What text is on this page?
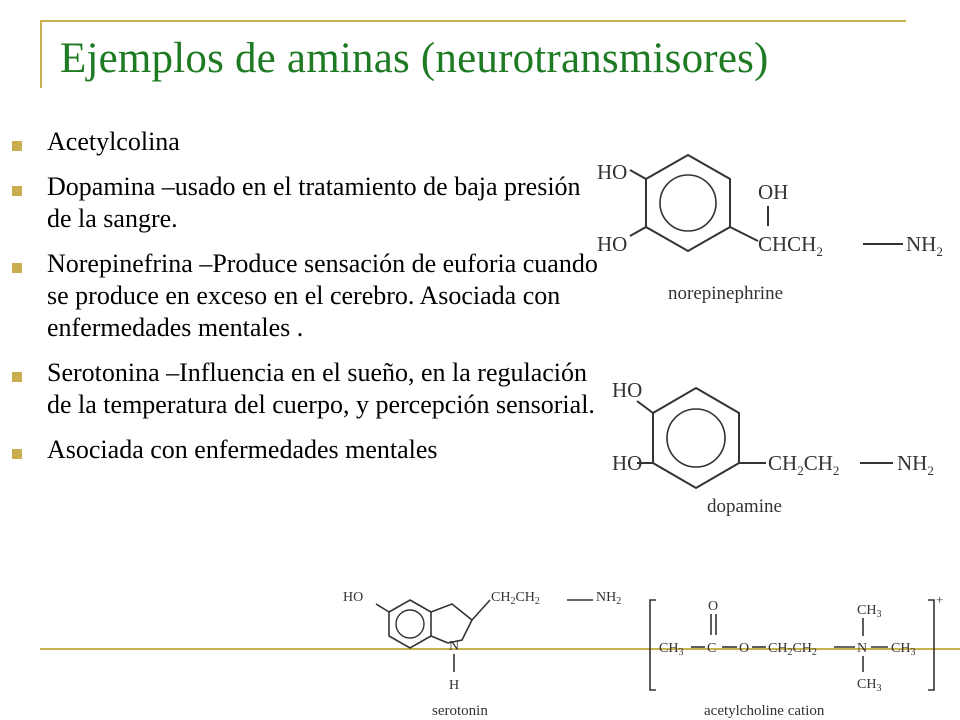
Ejemplos de aminas (neurotransmisores)
Acetylcolina
Dopamina –usado en el tratamiento de baja presión de la sangre.
Norepinefrina –Produce sensación de euforia cuando se produce en exceso en el cerebro. Asociada con enfermedades mentales .
Serotonina –Influencia en el sueño, en la regulación de la temperatura del cuerpo, y percepción sensorial.
Asociada con enfermedades mentales
HO
HO
OH
$CHCH_2$	$NH_2$
norepinephrine
HO
HO	$CH_2CH_2$	$NH_2$
dopamine
HO	$CH_2CH_2$	$NH_2$
N
H
serotonin
O
$CH_3$ C O $CH_2CH_2$	N
$CH_3$
$CH_3$
$CH_3$
+
acetylcholine cation
